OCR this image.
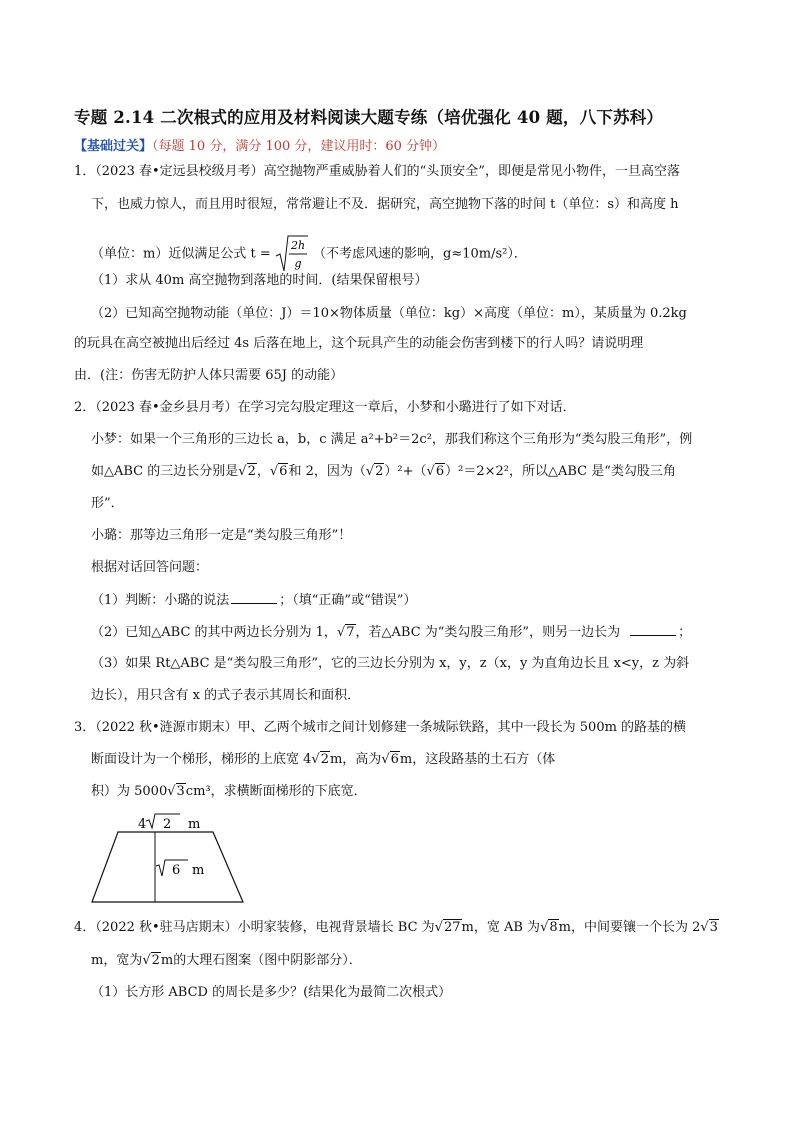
专题 2.14 二次根式的应用及材料阅读大题专练（培优强化 40 题，八下苏科）
【基础过关】（每题 10 分，满分 100 分，建议用时：60 分钟）
1．（2023 春•定远县校级月考）高空抛物严重威胁着人们的“头顶安全”，即便是常见小物件，一旦高空落
下，也威力惊人，而且用时很短，常常避让不及．据研究，高空抛物下落的时间 t（单位：s）和高度 h
（单位：m）近似满足公式 t =
2h
g
（不考虑风速的影响，g≈10m/s²）．
（1）求从 40m 高空抛物到落地的时间．(结果保留根号）
（2）已知高空抛物动能（单位：J）＝10×物体质量（单位：kg）×高度（单位：m），某质量为 0.2kg
的玩具在高空被抛出后经过 4s 后落在地上，这个玩具产生的动能会伤害到楼下的行人吗？请说明理
由．(注：伤害无防护人体只需要 65J 的动能）
2．（2023 春•金乡县月考）在学习完勾股定理这一章后，小梦和小璐进行了如下对话．
小梦：如果一个三角形的三边长 a，b，c 满足 a²+b²＝2c²，那我们称这个三角形为“类勾股三角形”，例
如△ABC 的三边长分别是√2，√6和 2，因为（√2）²+（√6）²＝2×2²，所以△ABC 是“类勾股三角
形”．
小璐：那等边三角形一定是“类勾股三角形”！
根据对话回答问题：
（1）判断：小璐的说法	；（填“正确”或“错误”）
（2）已知△ABC 的其中两边长分别为 1，√7，若△ABC 为“类勾股三角形”，则另一边长为	；
（3）如果 Rt△ABC 是“类勾股三角形”，它的三边长分别为 x，y，z（x，y 为直角边长且 x<y，z 为斜
边长），用只含有 x 的式子表示其周长和面积．
3．（2022 秋•涟源市期末）甲、乙两个城市之间计划修建一条城际铁路，其中一段长为 500m 的路基的横
断面设计为一个梯形，梯形的上底宽 4√2m，高为√6m，这段路基的土石方（体
积）为 5000√3cm³，求横断面梯形的下底宽．
4 2 m
6 m
4．（2022 秋•驻马店期末）小明家装修，电视背景墙长 BC 为√27m，宽 AB 为√8m，中间要镶一个长为 2√3
m，宽为√2m的大理石图案（图中阴影部分）．
（1）长方形 ABCD 的周长是多少？(结果化为最简二次根式）
